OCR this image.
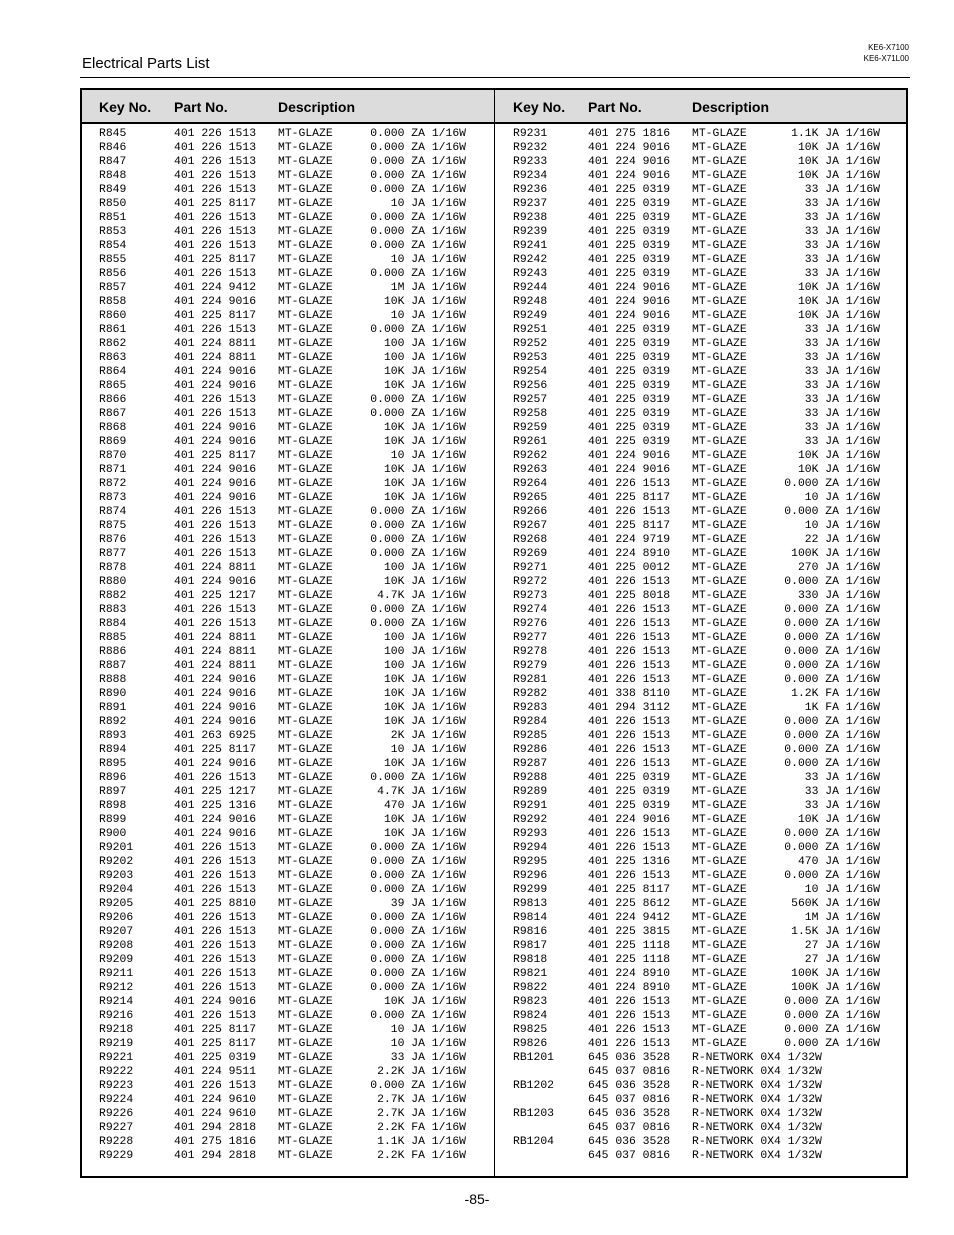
Electrical Parts List
KE6-X7100
KE6-X71L00
Key No. Part No.	Description	Key No. Part No.	Description
R845	401 226 1513 MT-GLAZE	0.000 ZA 1/16W
R846	401 226 1513 MT-GLAZE	0.000 ZA 1/16W
R847	401 226 1513 MT-GLAZE	0.000 ZA 1/16W
R848	401 226 1513 MT-GLAZE	0.000 ZA 1/16W
R849	401 226 1513 MT-GLAZE	0.000 ZA 1/16W
R850	401 225 8117 MT-GLAZE	10 JA 1/16W
R851	401 226 1513 MT-GLAZE	0.000 ZA 1/16W
R853	401 226 1513 MT-GLAZE	0.000 ZA 1/16W
R854	401 226 1513 MT-GLAZE	0.000 ZA 1/16W
R855	401 225 8117 MT-GLAZE	10 JA 1/16W
R856	401 226 1513 MT-GLAZE	0.000 ZA 1/16W
R857	401 224 9412 MT-GLAZE	1M JA 1/16W
R858	401 224 9016 MT-GLAZE	10K JA 1/16W
R860	401 225 8117 MT-GLAZE	10 JA 1/16W
R861	401 226 1513 MT-GLAZE	0.000 ZA 1/16W
R862	401 224 8811 MT-GLAZE	100 JA 1/16W
R863	401 224 8811 MT-GLAZE	100 JA 1/16W
R864	401 224 9016 MT-GLAZE	10K JA 1/16W
R865	401 224 9016 MT-GLAZE	10K JA 1/16W
R866	401 226 1513 MT-GLAZE	0.000 ZA 1/16W
R867	401 226 1513 MT-GLAZE	0.000 ZA 1/16W
R868	401 224 9016 MT-GLAZE	10K JA 1/16W
R869	401 224 9016 MT-GLAZE	10K JA 1/16W
R870	401 225 8117 MT-GLAZE	10 JA 1/16W
R871	401 224 9016 MT-GLAZE	10K JA 1/16W
R872	401 224 9016 MT-GLAZE	10K JA 1/16W
R873	401 224 9016 MT-GLAZE	10K JA 1/16W
R874	401 226 1513 MT-GLAZE	0.000 ZA 1/16W
R875	401 226 1513 MT-GLAZE	0.000 ZA 1/16W
R876	401 226 1513 MT-GLAZE	0.000 ZA 1/16W
R877	401 226 1513 MT-GLAZE	0.000 ZA 1/16W
R878	401 224 8811 MT-GLAZE	100 JA 1/16W
R880	401 224 9016 MT-GLAZE	10K JA 1/16W
R882	401 225 1217 MT-GLAZE	4.7K JA 1/16W
R883	401 226 1513 MT-GLAZE	0.000 ZA 1/16W
R884	401 226 1513 MT-GLAZE	0.000 ZA 1/16W
R885	401 224 8811 MT-GLAZE	100 JA 1/16W
R886	401 224 8811 MT-GLAZE	100 JA 1/16W
R887	401 224 8811 MT-GLAZE	100 JA 1/16W
R888	401 224 9016 MT-GLAZE	10K JA 1/16W
R890	401 224 9016 MT-GLAZE	10K JA 1/16W
R891	401 224 9016 MT-GLAZE	10K JA 1/16W
R892	401 224 9016 MT-GLAZE	10K JA 1/16W
R893	401 263 6925 MT-GLAZE	2K JA 1/16W
R894	401 225 8117 MT-GLAZE	10 JA 1/16W
R895	401 224 9016 MT-GLAZE	10K JA 1/16W
R896	401 226 1513 MT-GLAZE	0.000 ZA 1/16W
R897	401 225 1217 MT-GLAZE	4.7K JA 1/16W
R898	401 225 1316 MT-GLAZE	470 JA 1/16W
R899	401 224 9016 MT-GLAZE	10K JA 1/16W
R900	401 224 9016 MT-GLAZE	10K JA 1/16W
R9201	401 226 1513 MT-GLAZE	0.000 ZA 1/16W
R9202	401 226 1513 MT-GLAZE	0.000 ZA 1/16W
R9203	401 226 1513 MT-GLAZE	0.000 ZA 1/16W
R9204	401 226 1513 MT-GLAZE	0.000 ZA 1/16W
R9205	401 225 8810 MT-GLAZE	39 JA 1/16W
R9206	401 226 1513 MT-GLAZE	0.000 ZA 1/16W
R9207	401 226 1513 MT-GLAZE	0.000 ZA 1/16W
R9208	401 226 1513 MT-GLAZE	0.000 ZA 1/16W
R9209	401 226 1513 MT-GLAZE	0.000 ZA 1/16W
R9211	401 226 1513 MT-GLAZE	0.000 ZA 1/16W
R9212	401 226 1513 MT-GLAZE	0.000 ZA 1/16W
R9214	401 224 9016 MT-GLAZE	10K JA 1/16W
R9216	401 226 1513 MT-GLAZE	0.000 ZA 1/16W
R9218	401 225 8117 MT-GLAZE	10 JA 1/16W
R9219	401 225 8117 MT-GLAZE	10 JA 1/16W
R9221	401 225 0319 MT-GLAZE	33 JA 1/16W
R9222	401 224 9511 MT-GLAZE	2.2K JA 1/16W
R9223	401 226 1513 MT-GLAZE	0.000 ZA 1/16W
R9224	401 224 9610 MT-GLAZE	2.7K JA 1/16W
R9226	401 224 9610 MT-GLAZE	2.7K JA 1/16W
R9227	401 294 2818 MT-GLAZE	2.2K FA 1/16W
R9228	401 275 1816 MT-GLAZE	1.1K JA 1/16W
R9229	401 294 2818 MT-GLAZE	2.2K FA 1/16W
R9231	401 275 1816 MT-GLAZE	1.1K JA 1/16W
R9232	401 224 9016 MT-GLAZE	10K JA 1/16W
R9233	401 224 9016 MT-GLAZE	10K JA 1/16W
R9234	401 224 9016 MT-GLAZE	10K JA 1/16W
R9236	401 225 0319 MT-GLAZE	33 JA 1/16W
R9237	401 225 0319 MT-GLAZE	33 JA 1/16W
R9238	401 225 0319 MT-GLAZE	33 JA 1/16W
R9239	401 225 0319 MT-GLAZE	33 JA 1/16W
R9241	401 225 0319 MT-GLAZE	33 JA 1/16W
R9242	401 225 0319 MT-GLAZE	33 JA 1/16W
R9243	401 225 0319 MT-GLAZE	33 JA 1/16W
R9244	401 224 9016 MT-GLAZE	10K JA 1/16W
R9248	401 224 9016 MT-GLAZE	10K JA 1/16W
R9249	401 224 9016 MT-GLAZE	10K JA 1/16W
R9251	401 225 0319 MT-GLAZE	33 JA 1/16W
R9252	401 225 0319 MT-GLAZE	33 JA 1/16W
R9253	401 225 0319 MT-GLAZE	33 JA 1/16W
R9254	401 225 0319 MT-GLAZE	33 JA 1/16W
R9256	401 225 0319 MT-GLAZE	33 JA 1/16W
R9257	401 225 0319 MT-GLAZE	33 JA 1/16W
R9258	401 225 0319 MT-GLAZE	33 JA 1/16W
R9259	401 225 0319 MT-GLAZE	33 JA 1/16W
R9261	401 225 0319 MT-GLAZE	33 JA 1/16W
R9262	401 224 9016 MT-GLAZE	10K JA 1/16W
R9263	401 224 9016 MT-GLAZE	10K JA 1/16W
R9264	401 226 1513 MT-GLAZE	0.000 ZA 1/16W
R9265	401 225 8117 MT-GLAZE	10 JA 1/16W
R9266	401 226 1513 MT-GLAZE	0.000 ZA 1/16W
R9267	401 225 8117 MT-GLAZE	10 JA 1/16W
R9268	401 224 9719 MT-GLAZE	22 JA 1/16W
R9269	401 224 8910 MT-GLAZE	100K JA 1/16W
R9271	401 225 0012 MT-GLAZE	270 JA 1/16W
R9272	401 226 1513 MT-GLAZE	0.000 ZA 1/16W
R9273	401 225 8018 MT-GLAZE	330 JA 1/16W
R9274	401 226 1513 MT-GLAZE	0.000 ZA 1/16W
R9276	401 226 1513 MT-GLAZE	0.000 ZA 1/16W
R9277	401 226 1513 MT-GLAZE	0.000 ZA 1/16W
R9278	401 226 1513 MT-GLAZE	0.000 ZA 1/16W
R9279	401 226 1513 MT-GLAZE	0.000 ZA 1/16W
R9281	401 226 1513 MT-GLAZE	0.000 ZA 1/16W
R9282	401 338 8110 MT-GLAZE	1.2K FA 1/16W
R9283	401 294 3112 MT-GLAZE	1K FA 1/16W
R9284	401 226 1513 MT-GLAZE	0.000 ZA 1/16W
R9285	401 226 1513 MT-GLAZE	0.000 ZA 1/16W
R9286	401 226 1513 MT-GLAZE	0.000 ZA 1/16W
R9287	401 226 1513 MT-GLAZE	0.000 ZA 1/16W
R9288	401 225 0319 MT-GLAZE	33 JA 1/16W
R9289	401 225 0319 MT-GLAZE	33 JA 1/16W
R9291	401 225 0319 MT-GLAZE	33 JA 1/16W
R9292	401 224 9016 MT-GLAZE	10K JA 1/16W
R9293	401 226 1513 MT-GLAZE	0.000 ZA 1/16W
R9294	401 226 1513 MT-GLAZE	0.000 ZA 1/16W
R9295	401 225 1316 MT-GLAZE	470 JA 1/16W
R9296	401 226 1513 MT-GLAZE	0.000 ZA 1/16W
R9299	401 225 8117 MT-GLAZE	10 JA 1/16W
R9813	401 225 8612 MT-GLAZE	560K JA 1/16W
R9814	401 224 9412 MT-GLAZE	1M JA 1/16W
R9816	401 225 3815 MT-GLAZE	1.5K JA 1/16W
R9817	401 225 1118 MT-GLAZE	27 JA 1/16W
R9818	401 225 1118 MT-GLAZE	27 JA 1/16W
R9821	401 224 8910 MT-GLAZE	100K JA 1/16W
R9822	401 224 8910 MT-GLAZE	100K JA 1/16W
R9823	401 226 1513 MT-GLAZE	0.000 ZA 1/16W
R9824	401 226 1513 MT-GLAZE	0.000 ZA 1/16W
R9825	401 226 1513 MT-GLAZE	0.000 ZA 1/16W
R9826	401 226 1513 MT-GLAZE	0.000 ZA 1/16W
RB1201	645 036 3528 R-NETWORK 0X4 1/32W
645 037 0816 R-NETWORK 0X4 1/32W
RB1202	645 036 3528 R-NETWORK 0X4 1/32W
645 037 0816 R-NETWORK 0X4 1/32W
RB1203	645 036 3528 R-NETWORK 0X4 1/32W
645 037 0816 R-NETWORK 0X4 1/32W
RB1204	645 036 3528 R-NETWORK 0X4 1/32W
645 037 0816 R-NETWORK 0X4 1/32W
-85-
